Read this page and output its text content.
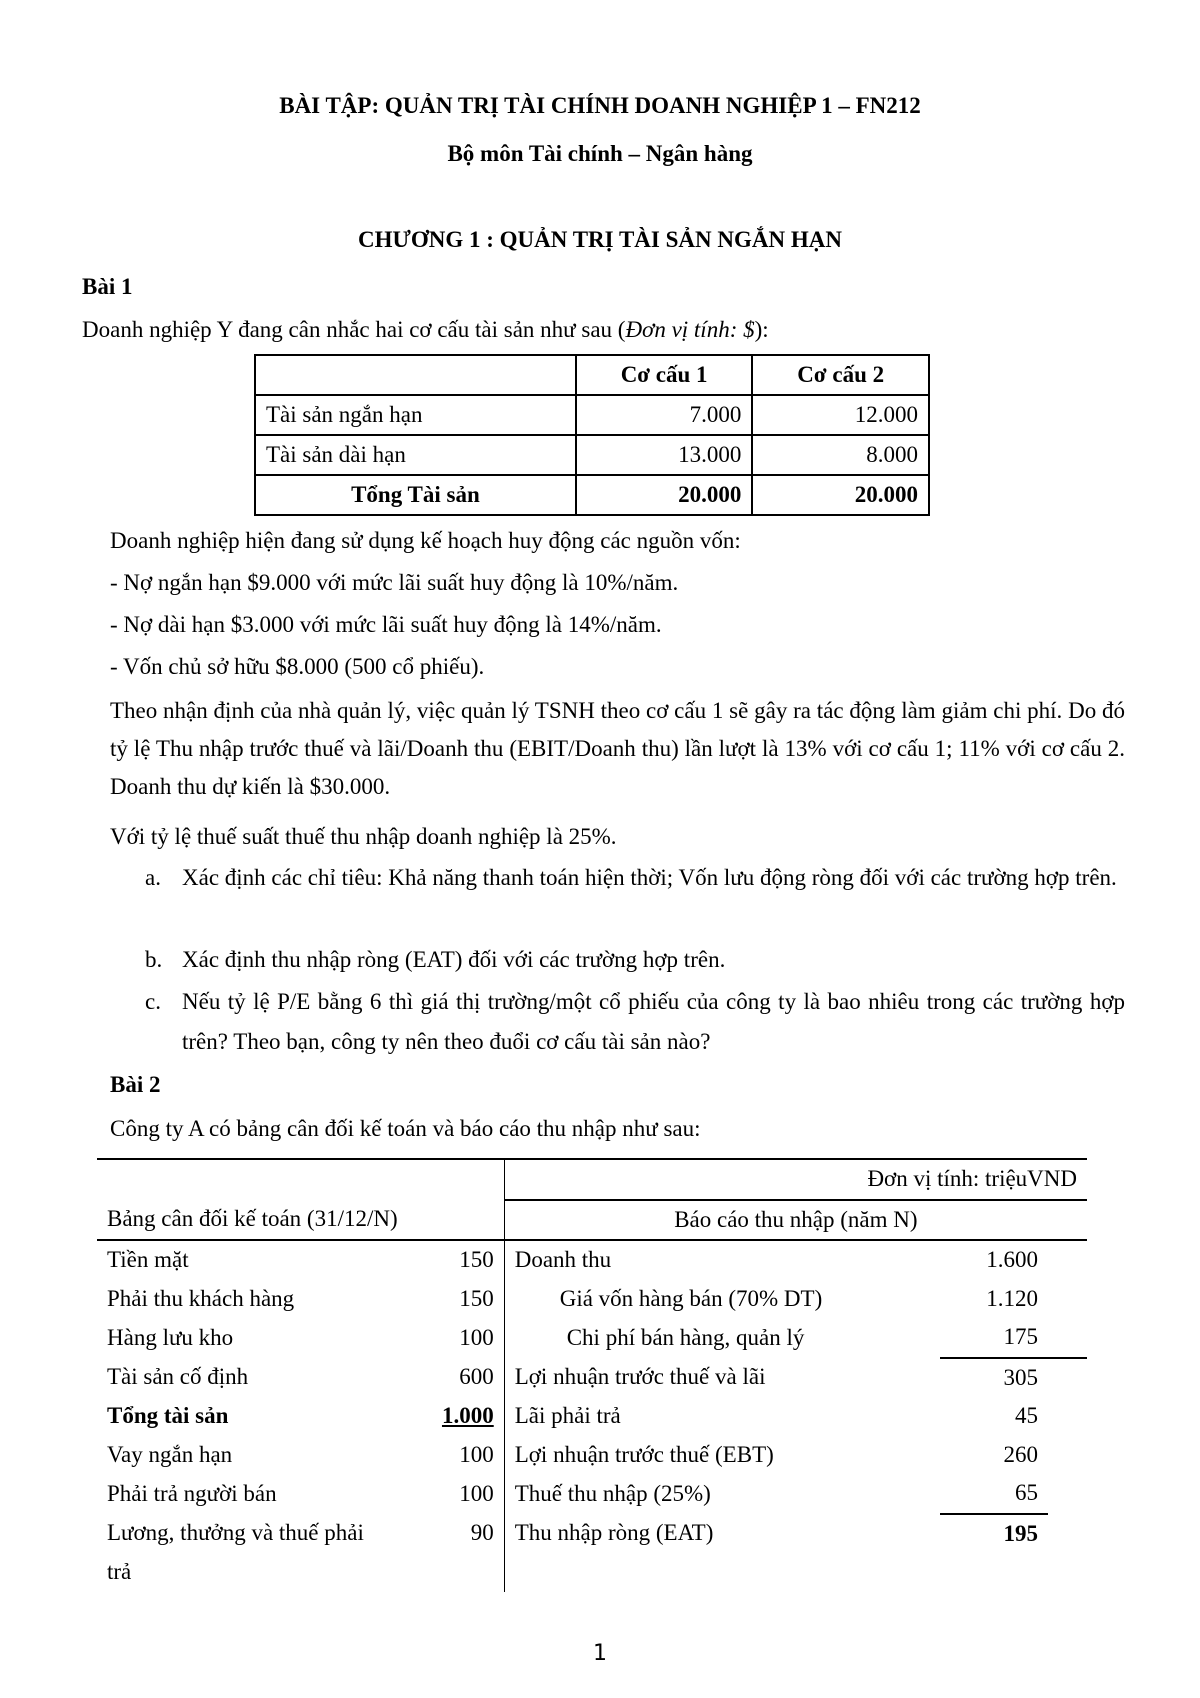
BÀI TẬP: QUẢN TRỊ TÀI CHÍNH DOANH NGHIỆP 1 – FN212
Bộ môn Tài chính – Ngân hàng
CHƯƠNG 1 : QUẢN TRỊ TÀI SẢN NGẮN HẠN
Bài 1
Doanh nghiệp Y đang cân nhắc hai cơ cấu tài sản như sau (Đơn vị tính: $):
	Cơ cấu 1	Cơ cấu 2
Tài sản ngắn hạn	7.000	12.000
Tài sản dài hạn	13.000	8.000
Tổng Tài sản	20.000	20.000
Doanh nghiệp hiện đang sử dụng kế hoạch huy động các nguồn vốn:
- Nợ ngắn hạn $9.000 với mức lãi suất huy động là 10%/năm.
- Nợ dài hạn $3.000 với mức lãi suất huy động là 14%/năm.
- Vốn chủ sở hữu $8.000 (500 cổ phiếu).
Theo nhận định của nhà quản lý, việc quản lý TSNH theo cơ cấu 1 sẽ gây ra tác động làm giảm chi phí. Do đó tỷ lệ Thu nhập trước thuế và lãi/Doanh thu (EBIT/Doanh thu) lần lượt là 13% với cơ cấu 1; 11% với cơ cấu 2. Doanh thu dự kiến là $30.000.
Với tỷ lệ thuế suất thuế thu nhập doanh nghiệp là 25%.
a. Xác định các chỉ tiêu: Khả năng thanh toán hiện thời; Vốn lưu động ròng đối với các trường hợp trên.
b. Xác định thu nhập ròng (EAT) đối với các trường hợp trên.
c. Nếu tỷ lệ P/E bằng 6 thì giá thị trường/một cổ phiếu của công ty là bao nhiêu trong các trường hợp trên? Theo bạn, công ty nên theo đuổi cơ cấu tài sản nào?
Bài 2
Công ty A có bảng cân đối kế toán và báo cáo thu nhập như sau:
		Đơn vị tính: triệuVND		
Bảng cân đối kế toán (31/12/N)		Báo cáo thu nhập (năm N)		
Tiền mặt	150	Doanh thu	1.600	
Phải thu khách hàng	150	Giá vốn hàng bán (70% DT)	1.120	
Hàng lưu kho	100	Chi phí bán hàng, quản lý	175	
Tài sản cố định	600	Lợi nhuận trước thuế và lãi	305	
Tổng tài sản	1.000	Lãi phải trả	45	
Vay ngắn hạn	100	Lợi nhuận trước thuế (EBT)	260	
Phải trả người bán	100	Thuế thu nhập (25%)	65	
Lương, thưởng và thuế phải	90	Thu nhập ròng (EAT)	195	
trả				
1
